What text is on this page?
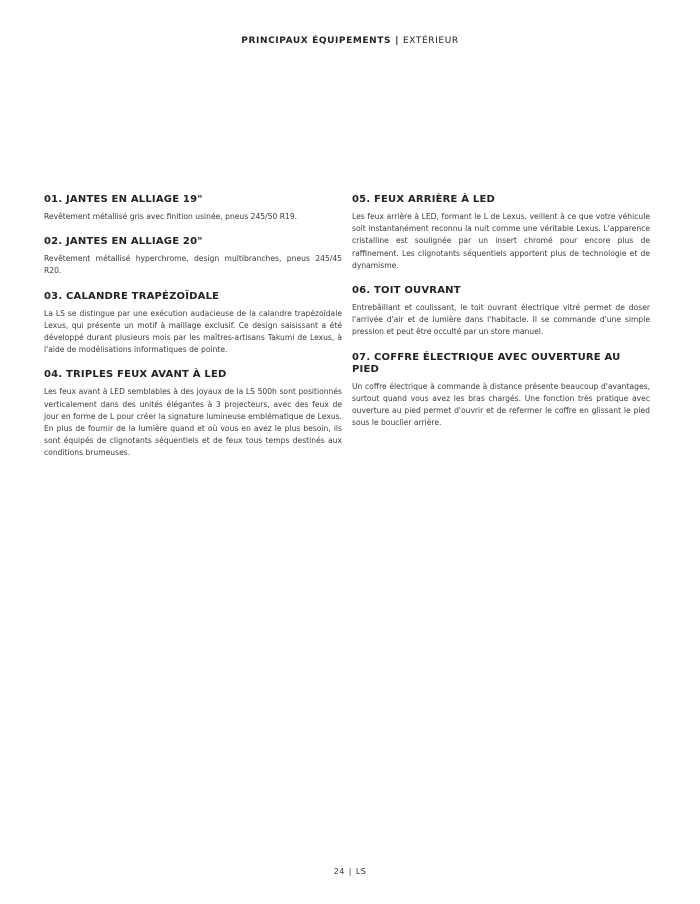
PRINCIPAUX ÉQUIPEMENTS | EXTÉRIEUR
01. JANTES EN ALLIAGE 19"

Revêtement métallisé gris avec finition usinée, pneus 245/50 R19.

02. JANTES EN ALLIAGE 20"

Revêtement métallisé hyperchrome, design multibranches, pneus 245/45 R20.

03. CALANDRE TRAPÉZOÏDALE

La LS se distingue par une exécution audacieuse de la calandre trapézoïdale Lexus, qui présente un motif à maillage exclusif. Ce design saisissant a été développé durant plusieurs mois par les maîtres-artisans Takumi de Lexus, à l'aide de modélisations informatiques de pointe.

04. TRIPLES FEUX AVANT À LED

Les feux avant à LED semblables à des joyaux de la LS 500h sont positionnés verticalement dans des unités élégantes à 3 projecteurs, avec des feux de jour en forme de L pour créer la signature lumineuse emblématique de Lexus. En plus de fournir de la lumière quand et où vous en avez le plus besoin, ils sont équipés de clignotants séquentiels et de feux tous temps destinés aux conditions brumeuses.

05. FEUX ARRIÈRE À LED

Les feux arrière à LED, formant le L de Lexus, veillent à ce que votre véhicule soit instantanément reconnu la nuit comme une véritable Lexus. L'apparence cristalline est soulignée par un insert chromé pour encore plus de raffinement. Les clignotants séquentiels apportent plus de technologie et de dynamisme.

06. TOIT OUVRANT

Entrebâillant et coulissant, le toit ouvrant électrique vitré permet de doser l'arrivée d'air et de lumière dans l'habitacle. Il se commande d'une simple pression et peut être occulté par un store manuel.

07. COFFRE ÉLECTRIQUE AVEC OUVERTURE AU PIED

Un coffre électrique à commande à distance présente beaucoup d'avantages, surtout quand vous avez les bras chargés. Une fonction très pratique avec ouverture au pied permet d'ouvrir et de refermer le coffre en glissant le pied sous le bouclier arrière.

24 | LS
